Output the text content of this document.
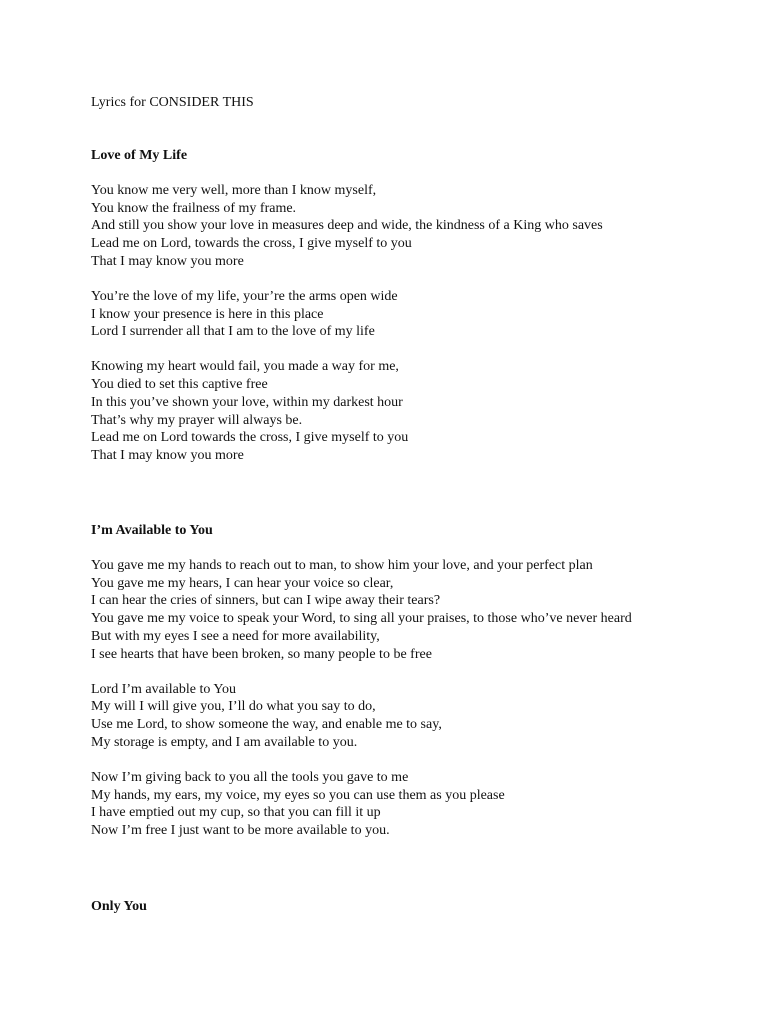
Lyrics for CONSIDER THIS
Love of My Life
You know me very well, more than I know myself,
You know the frailness of my frame.
And still you show your love in measures deep and wide, the kindness of a King who saves
Lead me on Lord, towards the cross, I give myself to you
That I may know you more
You’re the love of my life, your’re the arms open wide
I know your presence is here in this place
Lord I surrender all that I am to the love of my life
Knowing my heart would fail, you made a way for me,
You died to set this captive free
In this you’ve shown your love, within my darkest hour
That’s why my prayer will always be.
Lead me on Lord towards the cross, I give myself to you
That I may know you more
I’m Available to You
You gave me my hands to reach out to man, to show him your love, and your perfect plan
You gave me my hears, I can hear your voice so clear,
I can hear the cries of sinners, but can I wipe away their tears?
You gave me my voice to speak your Word, to sing all your praises, to those who’ve never heard
But with my eyes I see a need for more availability,
I see hearts that have been broken, so many people to be free
Lord I’m available to You
My will I will give you, I’ll do what you say to do,
Use me Lord, to show someone the way, and enable me to say,
My storage is empty, and I am available to you.
Now I’m giving back to you all the tools you gave to me
My hands, my ears, my voice, my eyes so you can use them as you please
I have emptied out my cup, so that you can fill it up
Now I’m free I just want to be more available to you.
Only You
